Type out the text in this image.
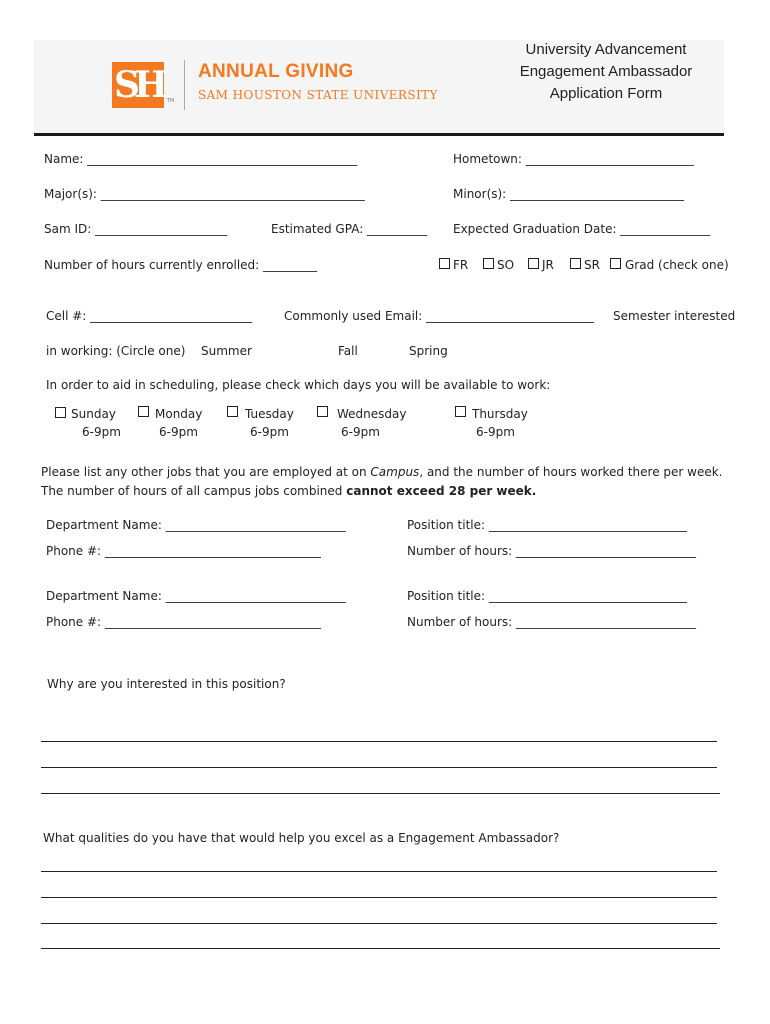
SH	TM
ANNUAL GIVING
SAM HOUSTON STATE UNIVERSITY
University Advancement
Engagement Ambassador
Application Form
Name: _____________________________________________	Hometown: ____________________________
Major(s): ____________________________________________	Minor(s): _____________________________
Sam ID: ______________________	Estimated GPA: __________ Expected Graduation Date: _______________
Number of hours currently enrolled: _________	FR SO JR	SR Grad (check one)
Cell #: ___________________________	Commonly used Email: ____________________________ Semester interested
in working: (Circle one) Summer	Fall	Spring
In order to aid in scheduling, please check which days you will be available to work:
Sunday
6-9pm
Monday
6-9pm
Tuesday
6-9pm
Wednesday
6-9pm
Thursday
6-9pm
Please list any other jobs that you are employed at on Campus, and the number of hours worked there per week. The number of hours of all campus jobs combined cannot exceed 28 per week.
Department Name: ______________________________	Position title: _________________________________
Phone #: ____________________________________	Number of hours: ______________________________
Department Name: ______________________________	Position title: _________________________________
Phone #: ____________________________________	Number of hours: ______________________________
Why are you interested in this position?
What qualities do you have that would help you excel as a Engagement Ambassador?
